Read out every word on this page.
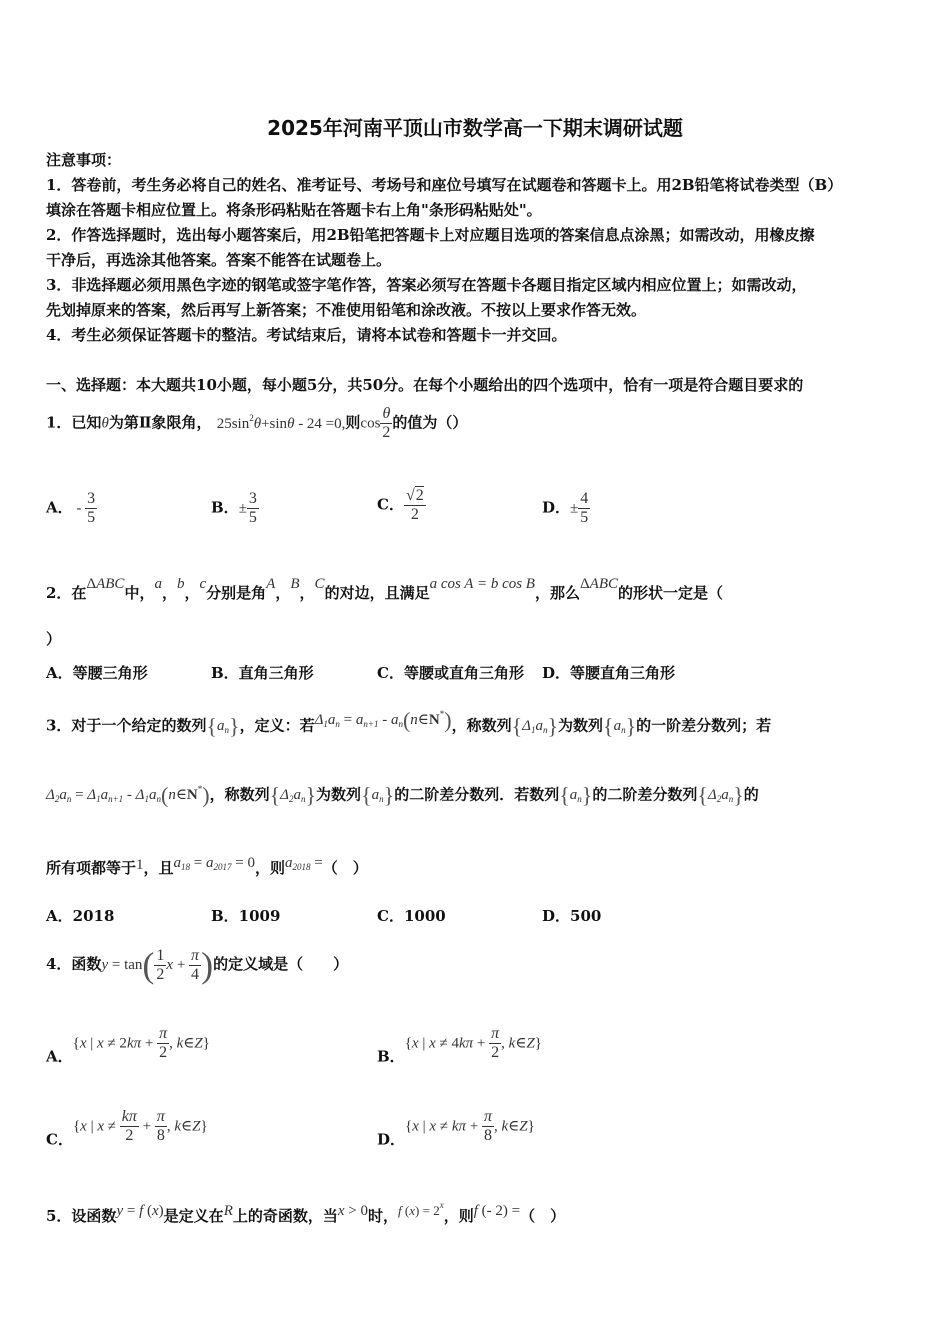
2025年河南平顶山市数学高一下期末调研试题
注意事项：
1．答卷前，考生务必将自己的姓名、准考证号、考场号和座位号填写在试题卷和答题卡上。用2B铅笔将试卷类型（B）
填涂在答题卡相应位置上。将条形码粘贴在答题卡右上角"条形码粘贴处"。
2．作答选择题时，选出每小题答案后，用2B铅笔把答题卡上对应题目选项的答案信息点涂黑；如需改动，用橡皮擦
干净后，再选涂其他答案。答案不能答在试题卷上。
3．非选择题必须用黑色字迹的钢笔或签字笔作答，答案必须写在答题卡各题目指定区域内相应位置上；如需改动，
先划掉原来的答案，然后再写上新答案；不准使用铅笔和涂改液。不按以上要求作答无效。
4．考生必须保证答题卡的整洁。考试结束后，请将本试卷和答题卡一并交回。
一、选择题：本大题共10小题，每小题5分，共50分。在每个小题给出的四个选项中，恰有一项是符合题目要求的
1．已知θ为第Ⅱ象限角， $25\sin^2\theta+\sin\theta - 24 =0$,则$\cos \frac{\theta}{2}$ 的值为（）
A． - $\frac{3}{5}$	B．± $\frac{3}{5}$	C． $\frac{√2}{2}$	D．± $\frac{4}{5}$
2．在ΔABC中，a，b，c分别是角A，B，C的对边，且满足a cos A = b cos B，那么ΔABC的形状一定是（
）
A．等腰三角形	B．直角三角形	C．等腰或直角三角形 D．等腰直角三角形
3．对于一个给定的数列$\{a_n\}$，定义：若$\Delta_1a_n = a_{n+1}$ - $a_n(n\in N^*)$，称数列$\{\Delta_1a_n\}$为数列$\{a_n\}$的一阶差分数列；若
$\Delta_2a_n = \Delta_1a_{n+1}$ - $\Delta_1a_n(n\in N^*)$，称数列$\{\Delta_2a_n\}$为数列$\{a_n\}$的二阶差分数列．若数列$\{a_n\}$的二阶差分数列$\{\Delta_2a_n\}$的
所有项都等于1，且$a_{18} = a_{2017} = 0$，则$a_{2018}$ =（　）
A．2018	B．1009	C．1000	D．500
4．函数$y = \tan( \frac{1}{2}$ $x + \frac{\pi}{4}$ )的定义域是（　　）
A．{x | $x \ne 2k\pi + \frac{\pi}{2}$ , k∈Z}
B．{x | $x \ne 4k\pi + \frac{\pi}{2}$ , k∈Z}
C．{x | $x \ne \frac{k\pi}{2} + \frac{\pi}{8}$ , k∈Z}
D．{x | $x \ne k\pi + \frac{\pi}{8}$ , k∈Z}
5．设函数y = f (x)是定义在R上的奇函数，当x > 0时，f $(x) = 2^x$，则f (- 2) =（　）
